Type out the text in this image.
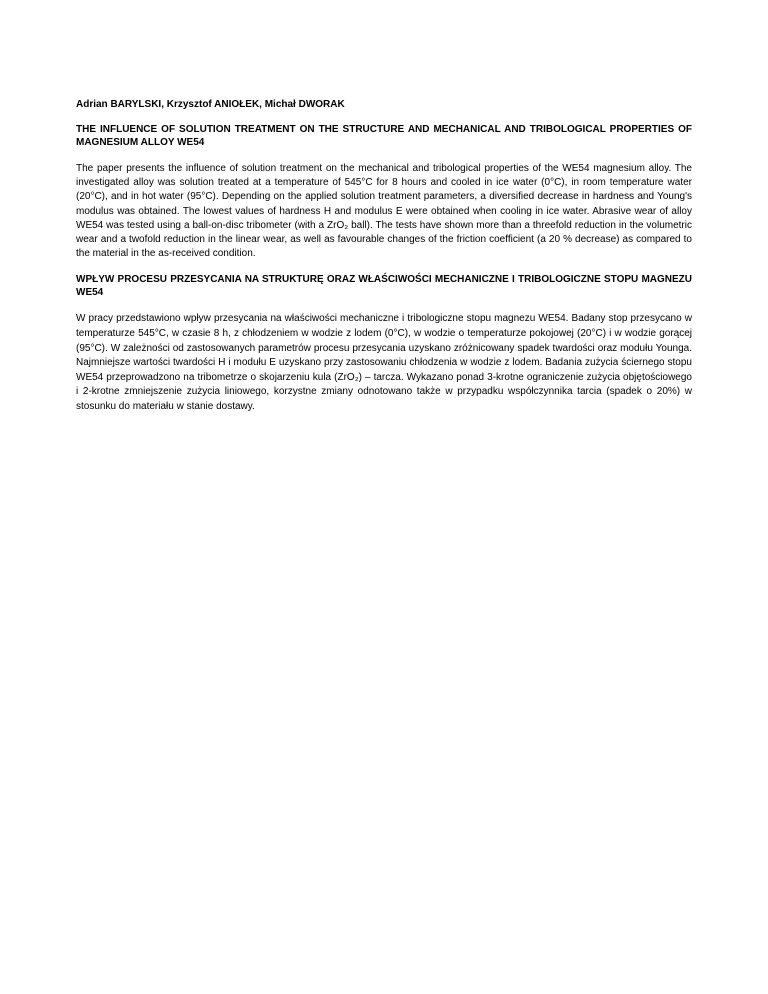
Adrian BARYLSKI, Krzysztof ANIOŁEK, Michał DWORAK

THE INFLUENCE OF SOLUTION TREATMENT ON THE STRUCTURE AND MECHANICAL AND TRIBOLOGICAL PROPERTIES OF MAGNESIUM ALLOY WE54

The paper presents the influence of solution treatment on the mechanical and tribological properties of the WE54 magnesium alloy. The investigated alloy was solution treated at a temperature of 545°C for 8 hours and cooled in ice water (0°C), in room temperature water (20°C), and in hot water (95°C). Depending on the applied solution treatment parameters, a diversified decrease in hardness and Young's modulus was obtained. The lowest values of hardness H and modulus E were obtained when cooling in ice water. Abrasive wear of alloy WE54 was tested using a ball-on-disc tribometer (with a ZrO₂ ball). The tests have shown more than a threefold reduction in the volumetric wear and a twofold reduction in the linear wear, as well as favourable changes of the friction coefficient (a 20 % decrease) as compared to the material in the as-received condition.

WPŁYW PROCESU PRZESYCANIA NA STRUKTURĘ ORAZ WŁAŚCIWOŚCI MECHANICZNE I TRIBOLOGICZNE STOPU MAGNEZU WE54

W pracy przedstawiono wpływ przesycania na właściwości mechaniczne i tribologiczne stopu magnezu WE54. Badany stop przesycano w temperaturze 545°C, w czasie 8 h, z chłodzeniem w wodzie z lodem (0°C), w wodzie o temperaturze pokojowej (20°C) i w wodzie gorącej (95°C). W zależności od zastosowanych parametrów procesu przesycania uzyskano zróżnicowany spadek twardości oraz modułu Younga. Najmniejsze wartości twardości H i modułu E uzyskano przy zastosowaniu chłodzenia w wodzie z lodem. Badania zużycia ściernego stopu WE54 przeprowadzono na tribometrze o skojarzeniu kula (ZrO₂) – tarcza. Wykazano ponad 3-krotne ograniczenie zużycia objętościowego i 2-krotne zmniejszenie zużycia liniowego, korzystne zmiany odnotowano także w przypadku współczynnika tarcia (spadek o 20%) w stosunku do materiału w stanie dostawy.
